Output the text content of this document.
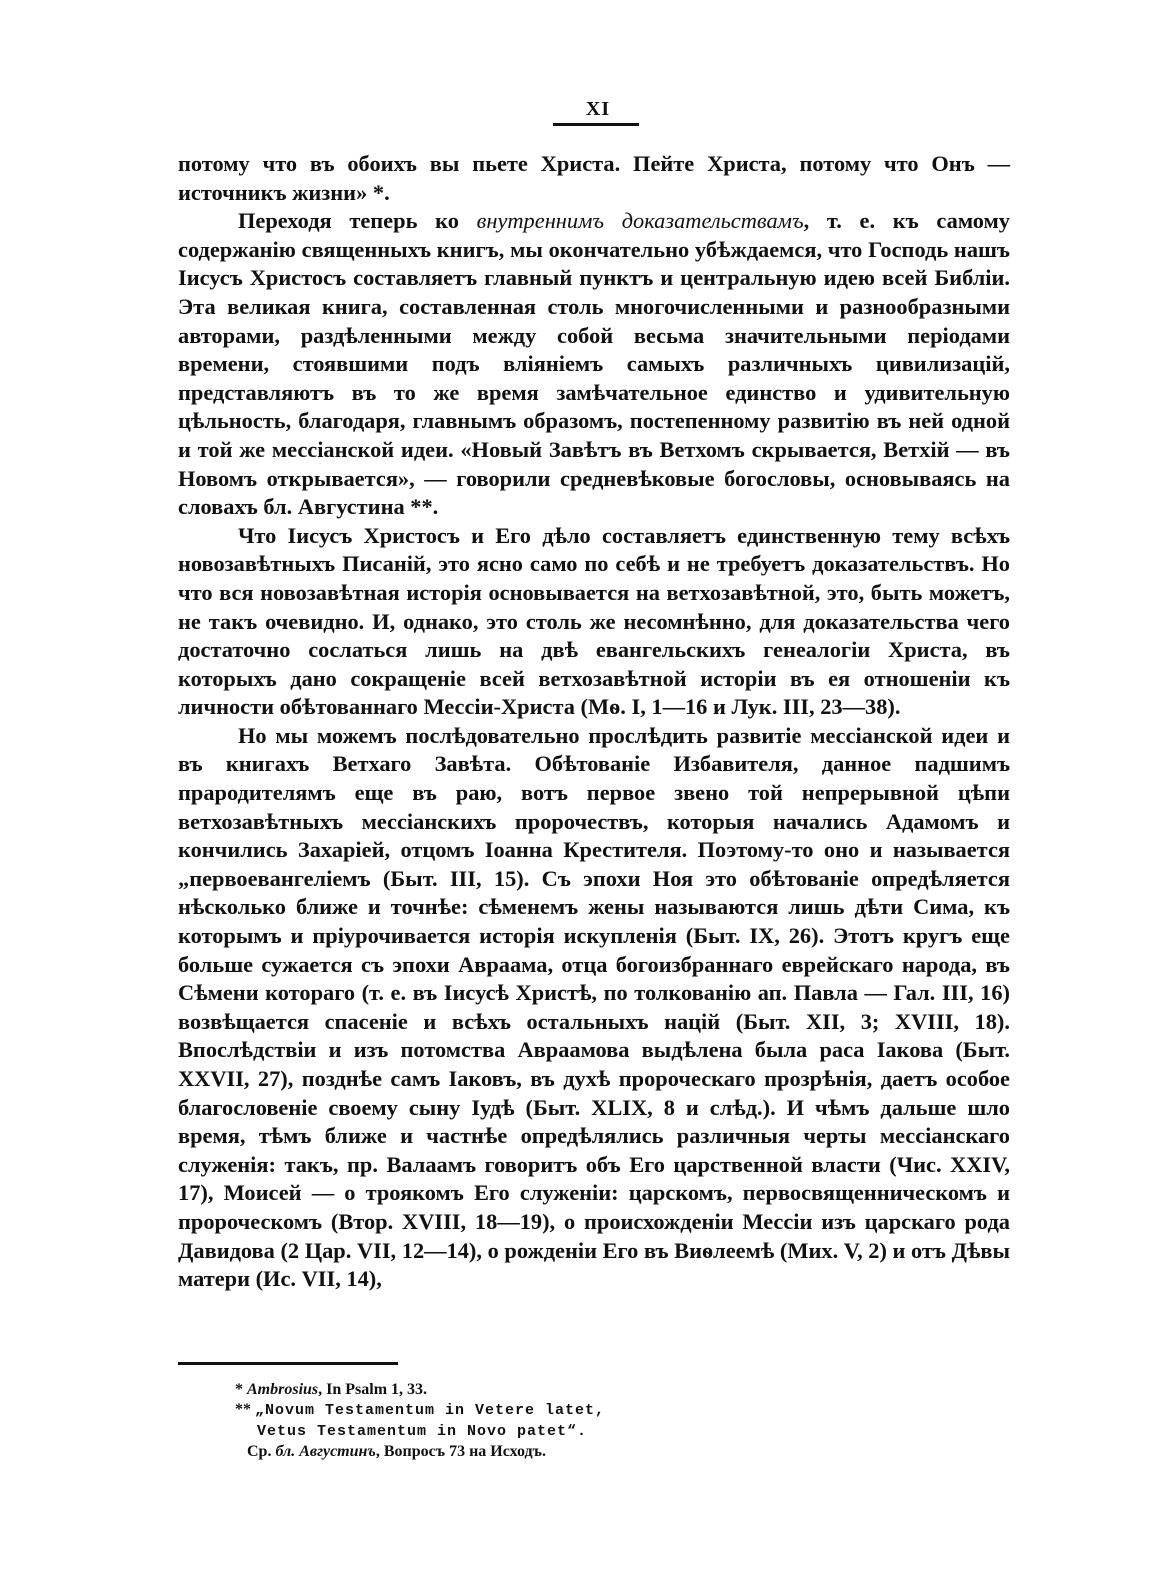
XI

потому что въ обоихъ вы пьете Христа. Пейте Христа, потому что Онъ — источникъ жизни» *.

Переходя теперь ко внутреннимъ доказательствамъ, т. е. къ самому содержанію священныхъ книгъ, мы окончательно убѣждаемся, что Господь нашъ Іисусъ Христосъ составляетъ главный пунктъ и центральную идею всей Библіи. Эта великая книга, составленная столь многочисленными и разнообразными авторами, раздѣленными между собой весьма значительными періодами времени, стоявшими подъ вліяніемъ самыхъ различныхъ цивилизацій, представляютъ въ то же время замѣчательное единство и удивительную цѣльность, благодаря, главнымъ образомъ, постепенному развитію въ ней одной и той же мессіанской идеи. «Новый Завѣтъ въ Ветхомъ скрывается, Ветхій — въ Новомъ открывается», — говорили средневѣковые богословы, основываясь на словахъ бл. Августина **.

Что Іисусъ Христосъ и Его дѣло составляетъ единственную тему всѣхъ новозавѣтныхъ Писаній, это ясно само по себѣ и не требуетъ доказательствъ. Но что вся новозавѣтная исторія основывается на ветхозавѣтной, это, быть можетъ, не такъ очевидно. И, однако, это столь же несомнѣнно, для доказательства чего достаточно сослаться лишь на двѣ евангельскихъ генеалогіи Христа, въ которыхъ дано сокращеніе всей ветхозавѣтной исторіи въ ея отношеніи къ личности обѣтованнаго Мессіи-Христа (Мѳ. I, 1—16 и Лук. III, 23—38).

Но мы можемъ послѣдовательно прослѣдить развитіе мессіанской идеи и въ книгахъ Ветхаго Завѣта. Обѣтованіе Избавителя, данное падшимъ прародителямъ еще въ раю, вотъ первое звено той непрерывной цѣпи ветхозавѣтныхъ мессіанскихъ пророчествъ, которыя начались Адамомъ и кончились Захаріей, отцомъ Іоанна Крестителя. Поэтому-то оно и называется „первоевангеліемъ (Быт. III, 15). Съ эпохи Ноя это обѣтованіе опредѣляется нѣсколько ближе и точнѣе: сѣменемъ жены называются лишь дѣти Сима, къ которымъ и пріурочивается исторія искупленія (Быт. IX, 26). Этотъ кругъ еще больше сужается съ эпохи Авраама, отца богоизбраннаго еврейскаго народа, въ Сѣмени котораго (т. е. въ Іисусѣ Христѣ, по толкованію ап. Павла — Гал. III, 16) возвѣщается спасеніе и всѣхъ остальныхъ націй (Быт. XII, 3; XVIII, 18). Впослѣдствіи и изъ потомства Авраамова выдѣлена была раса Іакова (Быт. XXVII, 27), позднѣе самъ Іаковъ, въ духѣ пророческаго прозрѣнія, даетъ особое благословеніе своему сыну Іудѣ (Быт. XLIX, 8 и слѣд.). И чѣмъ дальше шло время, тѣмъ ближе и частнѣе опредѣлялись различныя черты мессіанскаго служенія: такъ, пр. Валаамъ говоритъ объ Его царственной власти (Чис. XXIV, 17), Моисей — о троякомъ Его служеніи: царскомъ, первосвященническомъ и пророческомъ (Втор. XVIII, 18—19), о происхожденіи Мессіи изъ царскаго рода Давидова (2 Цар. VII, 12—14), о рожденіи Его въ Виѳлеемѣ (Мих. V, 2) и отъ Дѣвы матери (Ис. VII, 14),

* Ambrosius, In Psalm 1, 33.

** „Novum Testamentum in Vetere latet,

Vetus Testamentum in Novo patet“.

Ср. бл. Августинъ, Вопросъ 73 на Исходъ.
